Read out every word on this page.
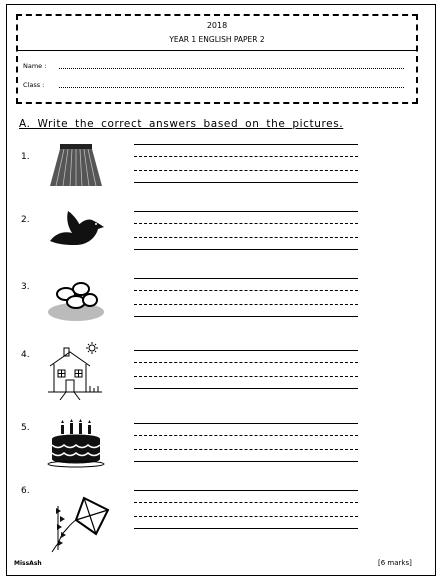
2018
YEAR 1 ENGLISH PAPER 2
Name :
Class :
A. Write the correct answers based on the pictures.
1.
2.
3.
4.
5.
6.
MissAsh	[6 marks]
